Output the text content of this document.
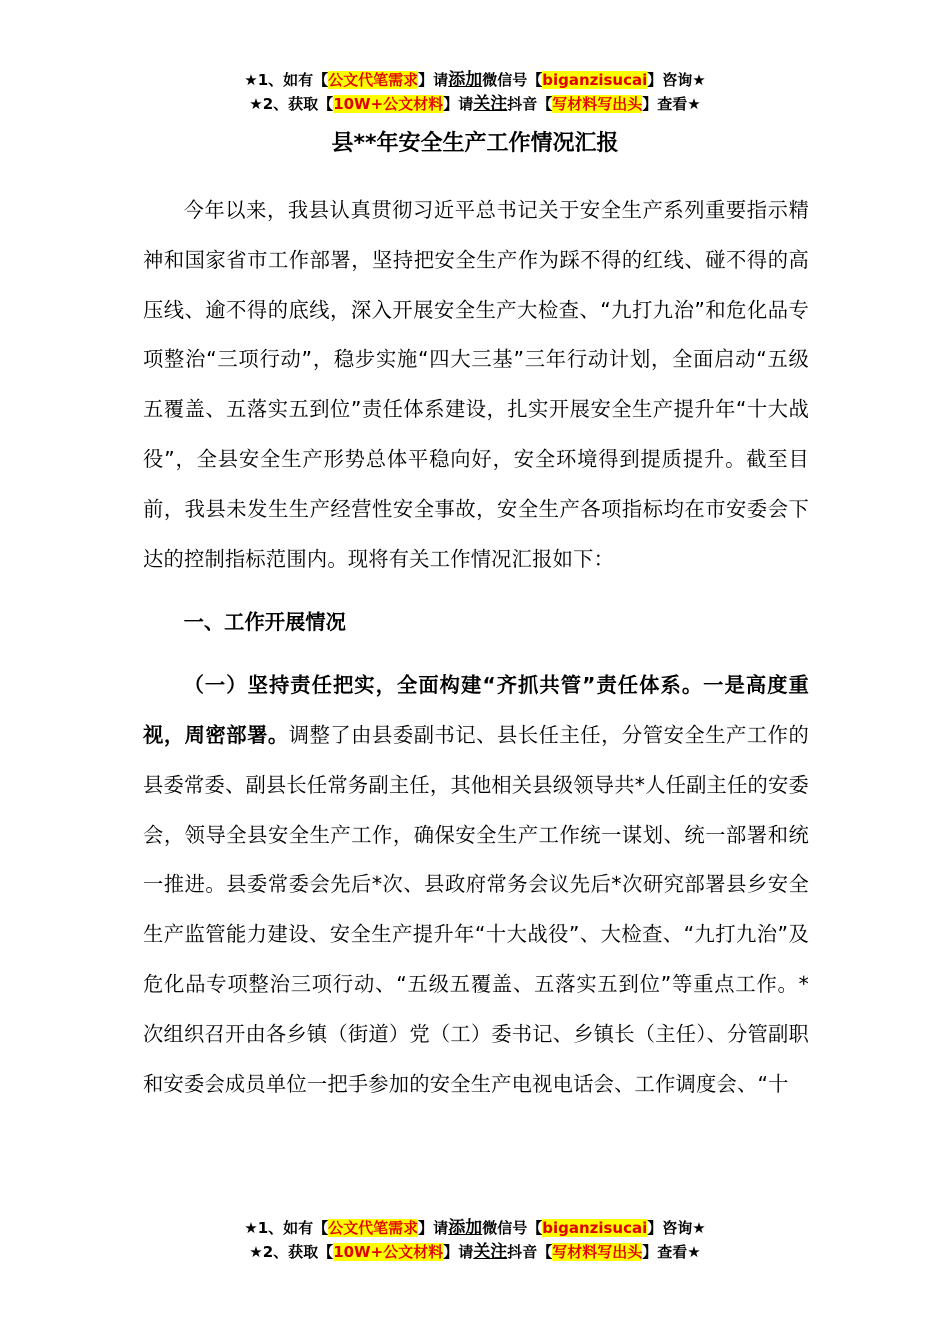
★1、如有【公文代笔需求】请添加微信号【biganzisucai】咨询★
★2、获取【10W+公文材料】请关注抖音【写材料写出头】查看★
县**年安全生产工作情况汇报

今年以来，我县认真贯彻习近平总书记关于安全生产系列重要指示精神和国家省市工作部署，坚持把安全生产作为踩不得的红线、碰不得的高压线、逾不得的底线，深入开展安全生产大检查、“九打九治”和危化品专项整治“三项行动”，稳步实施“四大三基”三年行动计划，全面启动“五级五覆盖、五落实五到位”责任体系建设，扎实开展安全生产提升年“十大战役”，全县安全生产形势总体平稳向好，安全环境得到提质提升。截至目前，我县未发生生产经营性安全事故，安全生产各项指标均在市安委会下达的控制指标范围内。现将有关工作情况汇报如下：

一、工作开展情况

（一）坚持责任把实，全面构建“齐抓共管”责任体系。一是高度重视，周密部署。调整了由县委副书记、县长任主任，分管安全生产工作的县委常委、副县长任常务副主任，其他相关县级领导共*人任副主任的安委会，领导全县安全生产工作，确保安全生产工作统一谋划、统一部署和统一推进。县委常委会先后*次、县政府常务会议先后*次研究部署县乡安全生产监管能力建设、安全生产提升年“十大战役”、大检查、“九打九治”及危化品专项整治三项行动、“五级五覆盖、五落实五到位”等重点工作。*次组织召开由各乡镇（街道）党（工）委书记、乡镇长（主任）、分管副职和安委会成员单位一把手参加的安全生产电视电话会、工作调度会、“十

★1、如有【公文代笔需求】请添加微信号【biganzisucai】咨询★
★2、获取【10W+公文材料】请关注抖音【写材料写出头】查看★
